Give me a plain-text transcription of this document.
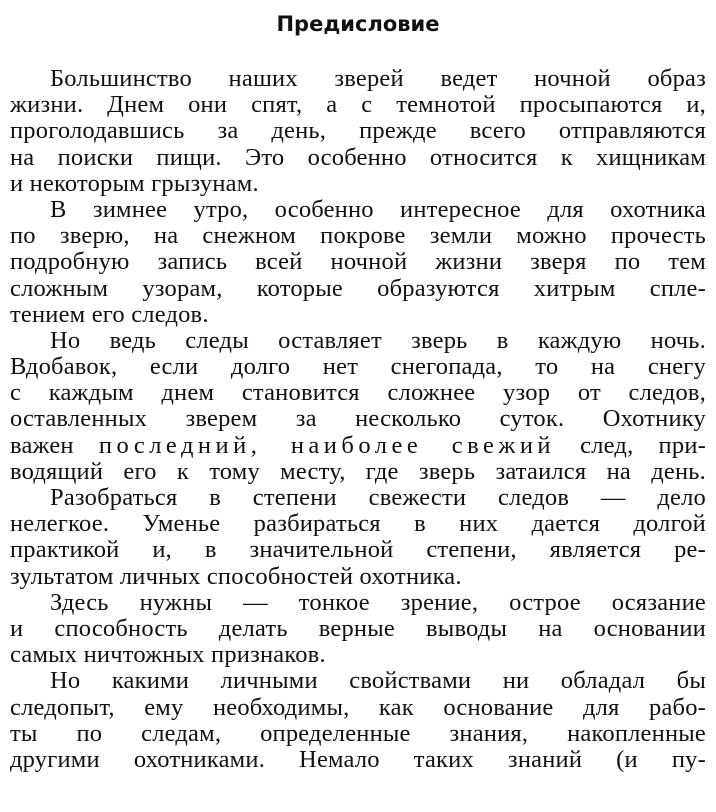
Предисловие
Большинство наших зверей ведет ночной образ
жизни. Днем они спят, а с темнотой просыпаются и,
проголодавшись за день, прежде всего отправляются
на поиски пищи. Это особенно относится к хищникам
и некоторым грызунам.
В зимнее утро, особенно интересное для охотника
по зверю, на снежном покрове земли можно прочесть
подробную запись всей ночной жизни зверя по тем
сложным узорам, которые образуются хитрым спле-
тением его следов.
Но ведь следы оставляет зверь в каждую ночь.
Вдобавок, если долго нет снегопада, то на снегу
с каждым днем становится сложнее узор от следов,
оставленных зверем за несколько суток. Охотнику
важен последний, наиболее свежий след, при-
водящий его к тому месту, где зверь затаился на день.
Разобраться в степени свежести следов — дело
нелегкое. Уменье разбираться в них дается долгой
практикой и, в значительной степени, является ре-
зультатом личных способностей охотника.
Здесь нужны — тонкое зрение, острое осязание
и способность делать верные выводы на основании
самых ничтожных признаков.
Но какими личными свойствами ни обладал бы
следопыт, ему необходимы, как основание для рабо-
ты по следам, определенные знания, накопленные
другими охотниками. Немало таких знаний (и пу-
